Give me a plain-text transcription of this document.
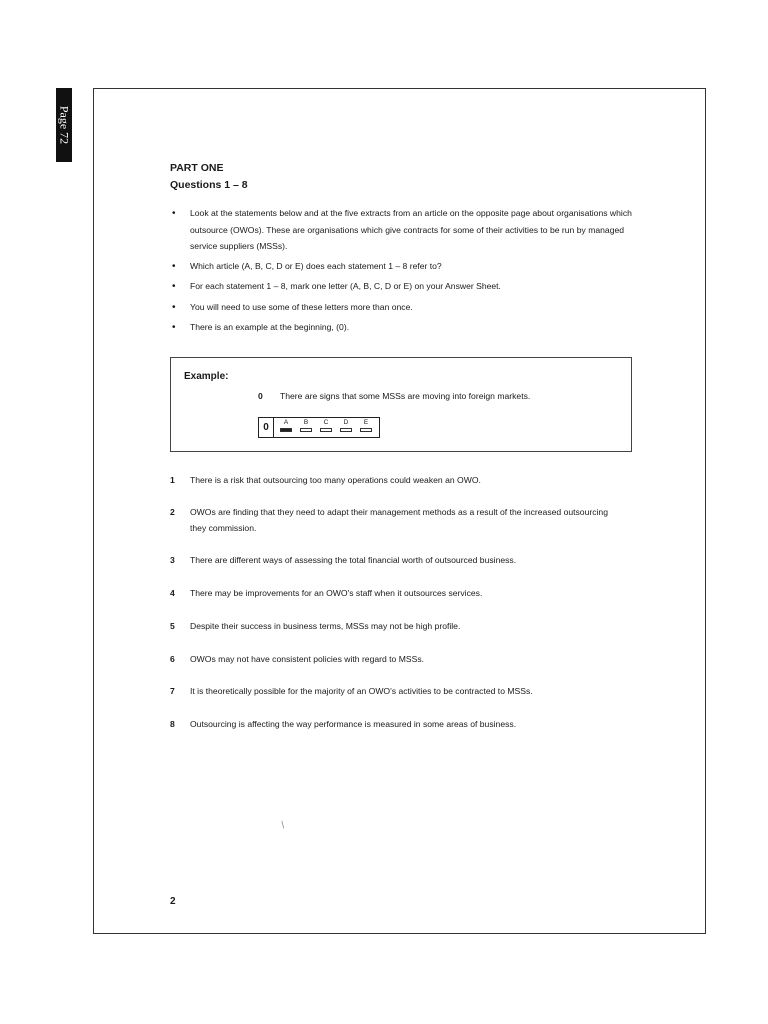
Page 72
PART ONE
Questions 1 – 8
• Look at the statements below and at the five extracts from an article on the opposite page about organisations which outsource (OWOs). These are organisations which give contracts for some of their activities to be run by managed service suppliers (MSSs).
• Which article (A, B, C, D or E) does each statement 1 – 8 refer to?
• For each statement 1 – 8, mark one letter (A, B, C, D or E) on your Answer Sheet.
• You will need to use some of these letters more than once.
• There is an example at the beginning, (0).
Example:
0 There are signs that some MSSs are moving into foreign markets.
0	A	B	C	D	E
1 There is a risk that outsourcing too many operations could weaken an OWO.
2 OWOs are finding that they need to adapt their management methods as a result of the increased outsourcing they commission.
3 There are different ways of assessing the total financial worth of outsourced business.
4 There may be improvements for an OWO's staff when it outsources services.
5 Despite their success in business terms, MSSs may not be high profile.
6 OWOs may not have consistent policies with regard to MSSs.
7 It is theoretically possible for the majority of an OWO's activities to be contracted to MSSs.
8 Outsourcing is affecting the way performance is measured in some areas of business.
2
/
